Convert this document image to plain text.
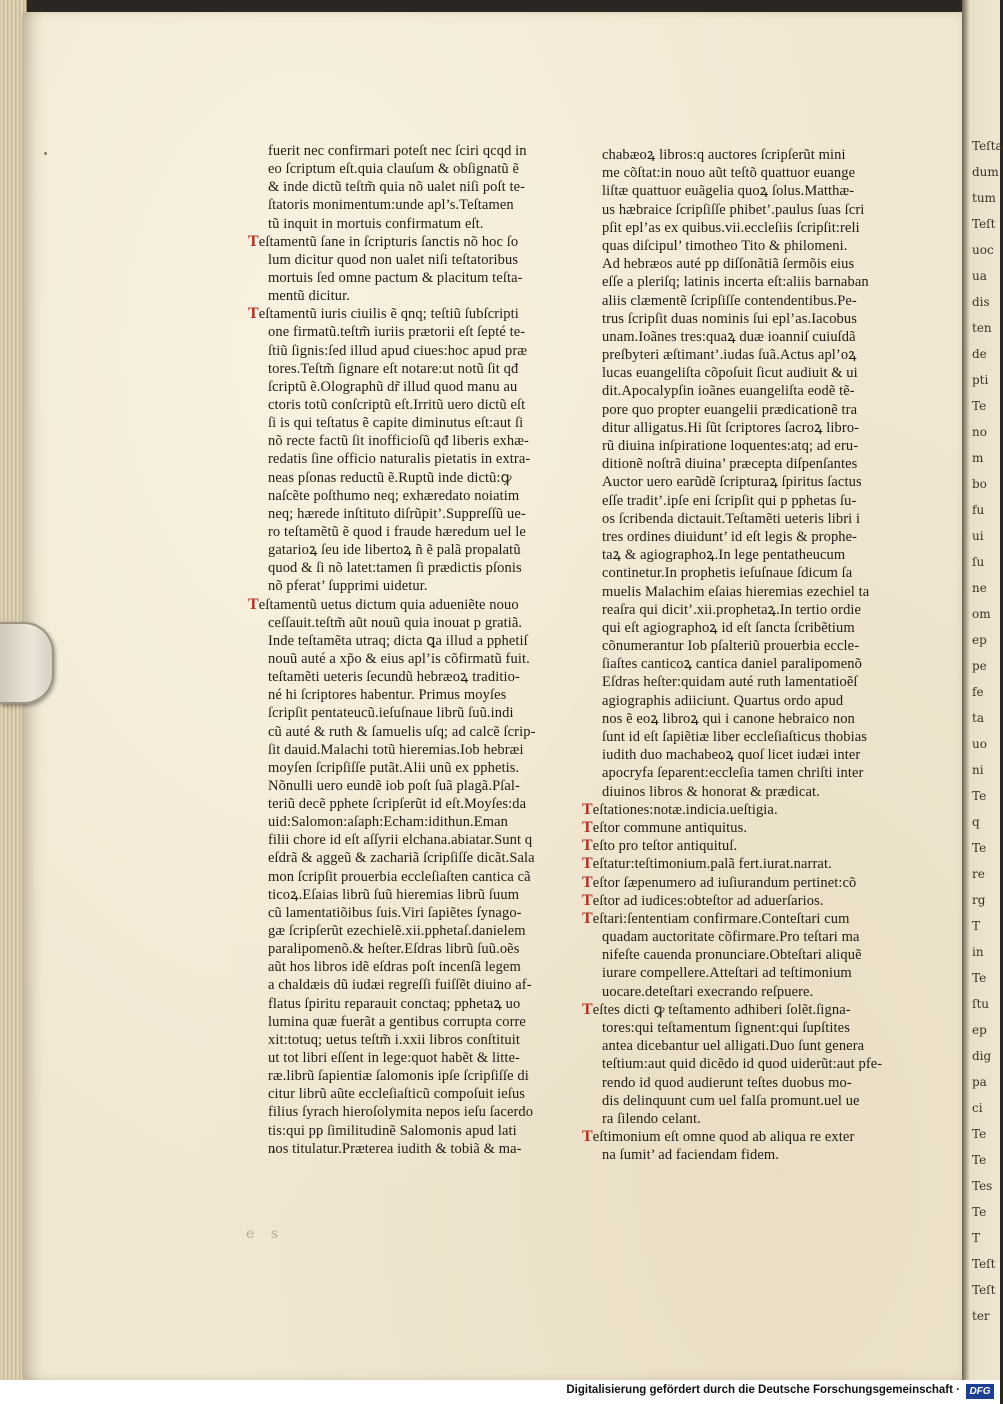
Teſta
dum
tum
Teſt
uoc
ua
dis
ten
de
pti
Te
no
m
bo
fu
ui
ſu
ne
om
ep
pe
fe
ta
uo
ni
Te
q
Te
re
rg
T
in
Te
ſtu
ep
dig
pa
ci
Te
Te
Tes
Te
T
Teſt
Teſt
ter
fuerit nec confirmari poteſt nec ſciri qcqd in
eo ſcriptum eſt.quia clauſum & obſignatũ ẽ
& inde dictũ teſtm̃ quia nõ ualet niſi poſt te-
ſtatoris monimentum:unde apl’s.Teſtamen
tũ inquit in mortuis confirmatum eſt.
Teſtamentũ ſane in ſcripturis ſanctis nõ hoc ſo
lum dicitur quod non ualet niſi teſtatoribus
mortuis ſed omne pactum & placitum teſta-
mentũ dicitur.
Teſtamentũ iuris ciuilis ẽ qnq; teſtiũ ſubſcripti
one firmatũ.teſtm̃ iuriis prætorii eſt ſepté te-
ſtiũ ſignis:ſed illud apud ciues:hoc apud præ
tores.Teſtm̃ ſignare eſt notare:ut notũ ſit qđ
ſcriptũ ẽ.Olographũ dr̃ illud quod manu au
ctoris totũ conſcriptũ eſt.Irritũ uero dictũ eſt
ſi is qui teſtatus ẽ capite diminutus eſt:aut ſi
nõ recte factũ ſit inofficioſũ qđ liberis exhæ-
redatis ſine officio naturalis pietatis in extra-
neas pſonas reductũ ẽ.Ruptũ inde dictũ:ꝙ
naſcẽte poſthumo neq; exhæredato noiatim
neq; hærede inſtituto diſrũpit’.Suppreſſũ ue-
ro teſtamẽtũ ẽ quod i fraude hæredum uel le
gatarioꝝ ſeu ide libertoꝝ ñ ẽ palã propalatũ
quod & ſi nõ latet:tamen ſi prædictis pſonis
nõ pferat’ ſupprimi uidetur.
Teſtamentũ uetus dictum quia adueniẽte nouo
ceſſauit.teſtm̃ aũt nouũ quia inouat p gratiã.
Inde teſtamẽta utraq; dicta ꝗa illud a pphetiſ
nouũ auté a xp̃o & eius apl’is cõfirmatũ fuit.
teſtamẽti ueteris ſecundũ hebræoꝝ traditio-
né hi ſcriptores habentur. Primus moyſes
ſcripſit pentateucũ.ieſuſnaue librũ ſuũ.indi
cũ auté & ruth & ſamuelis uſq; ad calcẽ ſcrip-
ſit dauid.Malachi totũ hieremias.Iob hebræi
moyſen ſcripſiſſe putãt.Alii unũ ex pphetis.
Nõnulli uero eundẽ iob poſt ſuã plagã.Pſal-
teriũ decẽ pphete ſcripſerũt id eſt.Moyſes:da
uid:Salomon:aſaph:Echam:idithun.Eman
filii chore id eſt aſſyrii elchana.abiatar.Sunt q
eſdrã & aggeũ & zachariã ſcripſiſſe dicãt.Sala
mon ſcripſit prouerbia eccleſiaſten cantica cã
ticoꝝ.Eſaias librũ ſuũ hieremias librũ ſuum
cũ lamentatiõibus ſuis.Viri ſapiẽtes ſynago-
gæ ſcripſerũt ezechielẽ.xii.pphetaſ.danielem
paralipomenõ.& heſter.Eſdras librũ ſuũ.oẽs
aũt hos libros idẽ eſdras poſt incenſã legem
a chaldæis dũ iudæi regreſſi fuiſſẽt diuino af-
flatus ſpiritu reparauit conctaq; pphetaꝝ uo
lumina quæ fuerãt a gentibus corrupta corre
xit:totuq; uetus teſtm̃ i.xxii libros conſtituit
ut tot libri eſſent in lege:quot habẽt & litte-
ræ.librũ ſapientiæ ſalomonis ipſe ſcripſiſſe di
citur librũ aũte eccleſiaſticũ compoſuit ieſus
filius ſyrach hieroſolymita nepos ieſu ſacerdo
tis:qui pp ſimilitudinẽ Salomonis apud lati
nos titulatur.Præterea iudith & tobiã & ma-
chabæoꝝ libros:q auctores ſcripſerũt mini
me cõſtat:in nouo aũt teſtõ quattuor euange
liſtæ quattuor euãgelia quoꝝ ſolus.Matthæ-
us hæbraice ſcripſiſſe phibet’.paulus ſuas ſcri
pſit epl’as ex quibus.vii.eccleſiis ſcripſit:reli
quas diſcipul’ timotheo Tito & philomeni.
Ad hebræos auté pp diſſonãtiã ſermõis eius
eſſe a pleriſq; latinis incerta eſt:aliis barnaban
aliis clæmentẽ ſcripſiſſe contendentibus.Pe-
trus ſcripſit duas nominis ſui epl’as.Iacobus
unam.Ioãnes tres:quaꝝ duæ ioanniſ cuiuſdã
preſbyteri æſtimant’.iudas ſuã.Actus apl’oꝝ
lucas euangeliſta cõpoſuit ſicut audiuit & ui
dit.Apocalypſin ioãnes euangeliſta eodẽ tẽ-
pore quo propter euangelii prædicationẽ tra
ditur alligatus.Hi ſũt ſcriptores ſacroꝝ libro-
rũ diuina inſpiratione loquentes:atq; ad eru-
ditionẽ noſtrã diuina’ præcepta diſpenſantes
Auctor uero earũdẽ ſcripturaꝝ ſpiritus ſactus
eſſe tradit’.ipſe eni ſcripſit qui p pphetas ſu-
os ſcribenda dictauit.Teſtamẽti ueteris libri i
tres ordines diuidunt’ id eſt legis & prophe-
taꝝ & agiographoꝝ.In lege pentatheucum
continetur.In prophetis ieſuſnaue ſdicum ſa
muelis Malachim eſaias hieremias ezechiel ta
reaſra qui dicit’.xii.prophetaꝝ.In tertio ordie
qui eſt agiographoꝝ id eſt ſancta ſcribẽtium
cõnumerantur Iob pſalteriũ prouerbia eccle-
ſiaſtes canticoꝝ cantica daniel paralipomenõ
Eſdras heſter:quidam auté ruth lamentatioẽſ
agiographis adiiciunt. Quartus ordo apud
nos ẽ eoꝝ libroꝝ qui i canone hebraico non
ſunt id eſt ſapiẽtiæ liber eccleſiaſticus thobias
iudith duo machabeoꝝ quoſ licet iudæi inter
apocryfa ſeparent:eccleſia tamen chriſti inter
diuinos libros & honorat & prædicat.
Teſtationes:notæ.indicia.ueſtigia.
Teſtor commune antiquitus.
Teſto pro teſtor antiquituſ.
Teſtatur:teſtimonium.palã fert.iurat.narrat.
Teſtor ſæpenumero ad iuſiurandum pertinet:cõ
Teſtor ad iudices:obteſtor ad aduerſarios.
Teſtari:ſententiam confirmare.Conteſtari cum
quadam auctoritate cõfirmare.Pro teſtari ma
nifeſte cauenda pronunciare.Obteſtari aliquẽ
iurare compellere.Atteſtari ad teſtimonium
uocare.deteſtari execrando reſpuere.
Teſtes dicti ꝙ teſtamento adhiberi ſolẽt.ſigna-
tores:qui teſtamentum ſignent:qui ſupſtites
antea dicebantur uel alligati.Duo ſunt genera
teſtium:aut quid dicẽdo id quod uiderũt:aut pfe-
rendo id quod audierunt teſtes duobus mo-
dis delinquunt cum uel falſa promunt.uel ue
ra ſilendo celant.
Teſtimonium eſt omne quod ab aliqua re exter
na ſumit’ ad faciendam fidem.
e s
Digitalisierung gefördert durch die Deutsche Forschungsgemeinschaft · DFG
